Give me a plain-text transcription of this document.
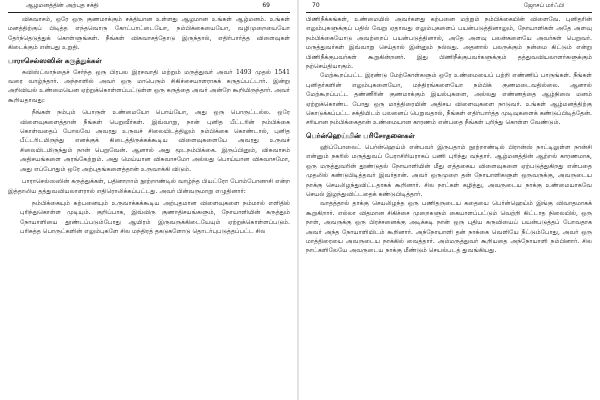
ஆழமனத்தின் அற்புத சக்தி	69

விசுவாசம், ஒரே ஒரு குணமாக்கும் சக்தியான உள்ளது ஆழமான உங்கள் ஆழ்மனம். உங்கள் மனத்திற்குப் பிடித்த எந்தவொரு கோட்பாட்டையோ, நம்பிக்கையையோ, வழிமுறையையோ தேர்ந்தெடுத்துக் கொள்ளுங்கள். நீங்கள் விசுவாசத்தோடு இருந்தால், எதிர்பார்த்த விளைவுகள் கிடைக்கும் என்பது உறுதி.

பாராசெல்ஸஸின் கருத்துக்கள்

சுவிஸ்ட்லாந்தைச் சேர்ந்த ஒரு பிரபல இரசவாதி மற்றும் மருத்துவர் அவர் 1493 முதல் 1541 வரை வாழ்ந்தார். அந்நாளில் அவர் ஒரு மாபெரும் சிகிச்சையாளராகக் கருதப்பட்டார். இன்று அறிவியல் உண்மையென ஏற்றுக்கொள்ளப்பட்டுள்ள ஒரு கருத்தை அவர் அன்றே கூறியிருந்தார். அவர் கூறியதாவது:

நீங்கள் நம்பும் பொருள் உண்மையோ பொய்யோ, அது ஒரு பொருட்டல்ல. ஒரே விளைவுகளைத்தான் நீங்கள் பெறுவீர்கள். இவ்வாறு, நான் புனித பீட்டரின் நம்பிக்கை கொள்வதைப் போலவே அவரது உருவச் சிலையிடத்திலும் நம்பிக்கை கொண்டால், புனித பீட்டரிடமிருந்து எனக்குக் கிடைத்திருக்கக்கூடிய விளைவுகளையே அவரது உருவச் சிலையிடமிருந்தும் நான் பெறுவேன். ஆனால் அது மூடநம்பிக்கை. இருப்பினும், விசுவாசம் அதிசயங்களை அரங்கேற்றும். அது மெய்யான விசுவாசமோ அல்லது பொய்யான விசுவாசமோ, அது எப்போதும் ஒரே அற்புதங்களைத்தான் உருவாக்கி விடும்.

பாராசெல்ஸஸின் கருத்துக்கள், பதினாறாம் நூற்றாண்டில் வாழ்ந்த பியட்ரோ போம்போனாசி என்ற இத்தாலிய தத்துவவியலாளரால் எதிரொலிக்கப்பட்டது. அவர் பின்வருமாறு எழுதினார்:

நம்பிக்கையும் கற்பனையும் உருவாக்கக்கூடிய அற்புதமான விளைவுகளை நம்மால் எளிதில் புரிந்துகொள்ள முடியும். குறிப்பாக, இவ்விரு குணாதிசயங்களும், நோயாளியின் கருத்தும் நோயாளியை தூண்டப்படும்போது ஆயிரம் இருவருக்கிடையேயும் ஏற்றுக்கொள்ளப்படும். பரிசுத்த பொருட்களின் எலும்புகளே சில மந்திரத் தகடுகளோடு தொடர்புபடுத்தப்பட்ட சில

70	ஜோசப் மர்ஃபி

பிணிநீக்கங்கள், உண்மையில் அவர்களது கற்பனை மற்றும் நம்பிக்கையின் விளைவே. புனிதரின் எலும்புகளுக்குப் பதில் வேறு ஏதாவது எலும்புகளைப் பயன்படுத்தினாலும், நோயாளிகள் அதே அளவு நம்பிக்கையோடு அவற்றைப் பயன்படுத்தினால், அதே அளவு பலன்களையே அவர்கள் பெறுவர். மருத்துவர்கள் இவ்வாறு செய்தால் இன்னும் நல்லது. அதனால் பலருக்கும் நன்மை கிட்டும் என்று பிணிநீக்குபவர்கள் கூறுகின்றனர். இது பிணிநீக்குபவர்களுக்கும் தத்துவவியலாளர்களுக்கும் நற்செய்தியாகும்.

மேற்கூறப்பட்ட இரண்டு மேற்கோள்களும் ஒரே உண்மையைப் பற்றி எண்ணிப் பாருங்கள். நீங்கள் புனிதர்களின் எலும்புகளையோ, மந்திரங்களையோ நம்பிக் குணமடைவதில்லை. ஆனால் மேற்கூறப்பட்ட தண்ணீரின் குணமாக்கும் இயல்புகளை, அல்லது எண்ணத்தை ஆழ்நிலை மனம் ஏற்றுக்கொண்ட போது ஒரு மாத்திரையின் அதிசய விளைவுகளை நாடுவர். உங்கள் ஆழ்மனத்திற்கு கொடுக்கப்பட்ட சக்தியிடம் பலனைப் பெறுவதால், நீங்கள் எதிர்பார்த்த முடிவுகளைக் கண்டுப்பிடித்தேன். சரியான நம்பிக்கைதான் உண்மையான காரணம் என்பதை நீங்கள் புரிந்து கொள்ள வேண்டும்.

பெர்ன்ஹெய்மின் பரிசோதனைகள்

ஹிப்போலைட் பெர்ன்ஹெய்ம் என்பவர் இருபதாம் நூற்றாண்டில் பிரான்ஸ் நாட்டிலுள்ள நான்சி என்னும் நகரில் மருத்துவப் பேராசிரியராகப் பணி புரிந்து வந்தார். ஆழ்மனத்தின் ஆற்றல் காரணமாக, ஒரு மருத்துவரின் தூண்டுதல் நோயாளியின் மீது எத்தகைய விளைவுகளை ஏற்படுத்துகிறது என்பதை முதலில் கண்டுபிடித்தவர் இவர்தான். அவர் ஒருமுறை தன் நோயாளிகளுள் ஒருவருக்கு, அவருடைய நாக்கு செயலிழந்துவிட்டதாகக் கூறினார். சில நாட்கள் கழித்து, அவருடைய நாக்கு உண்மையாகவே செயல் இழந்துவிட்டதைக் கண்டுபிடித்தார்.

வாதத்தால் தாக்கு செயலிழந்த ஒரு பணிதருடைய கதையை பெர்ன்ஹெய்ம் இங்கு விவாதமாகக் கூறுகிறார். எல்லா விதமான சிகிச்சை முறைகளும் கையாளப்பட்டும் வெற்றி கிட்டாத நிலையில், ஒரு நாள், அவருக்கு ஒரு பிரச்சனைக்கு அடிக்கடி நான் ஒரு புதிய கருவியைப் பயன்படுத்தப் போவதாக அவர் அந்த நோயாளியிடம் கூறினார். அந்நோயாளி தன் நாக்கை வெளியே நீட்டும்போது, அவர் ஒரு மாத்திரையை அவருடைய நாக்கில் வைத்தார். அம்மருத்துவர் கூறியதை அந்நோயாளி நம்பினார். சில நாட்களிலேயே அவருடைய நாக்கு மீண்டும் செயல்படத் துவங்கியது.
